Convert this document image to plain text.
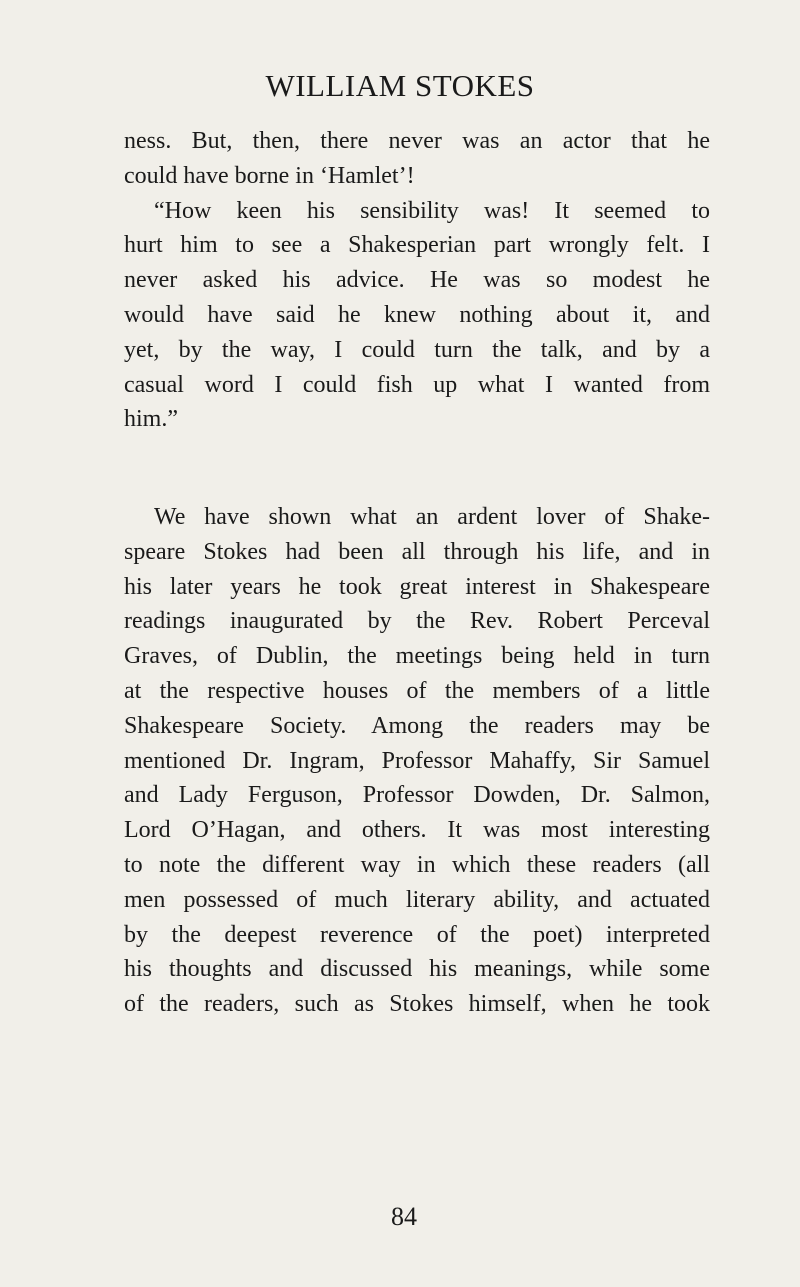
WILLIAM STOKES
ness. But, then, there never was an actor that he
could have borne in ‘Hamlet’!
“How keen his sensibility was! It seemed to
hurt him to see a Shakesperian part wrongly felt. I
never asked his advice. He was so modest he
would have said he knew nothing about it, and
yet, by the way, I could turn the talk, and by a
casual word I could fish up what I wanted from
him.”
We have shown what an ardent lover of Shake-
speare Stokes had been all through his life, and in
his later years he took great interest in Shakespeare
readings inaugurated by the Rev. Robert Perceval
Graves, of Dublin, the meetings being held in turn
at the respective houses of the members of a little
Shakespeare Society. Among the readers may be
mentioned Dr. Ingram, Professor Mahaffy, Sir Samuel
and Lady Ferguson, Professor Dowden, Dr. Salmon,
Lord O’Hagan, and others. It was most interesting
to note the different way in which these readers (all
men possessed of much literary ability, and actuated
by the deepest reverence of the poet) interpreted
his thoughts and discussed his meanings, while some
of the readers, such as Stokes himself, when he took
84
